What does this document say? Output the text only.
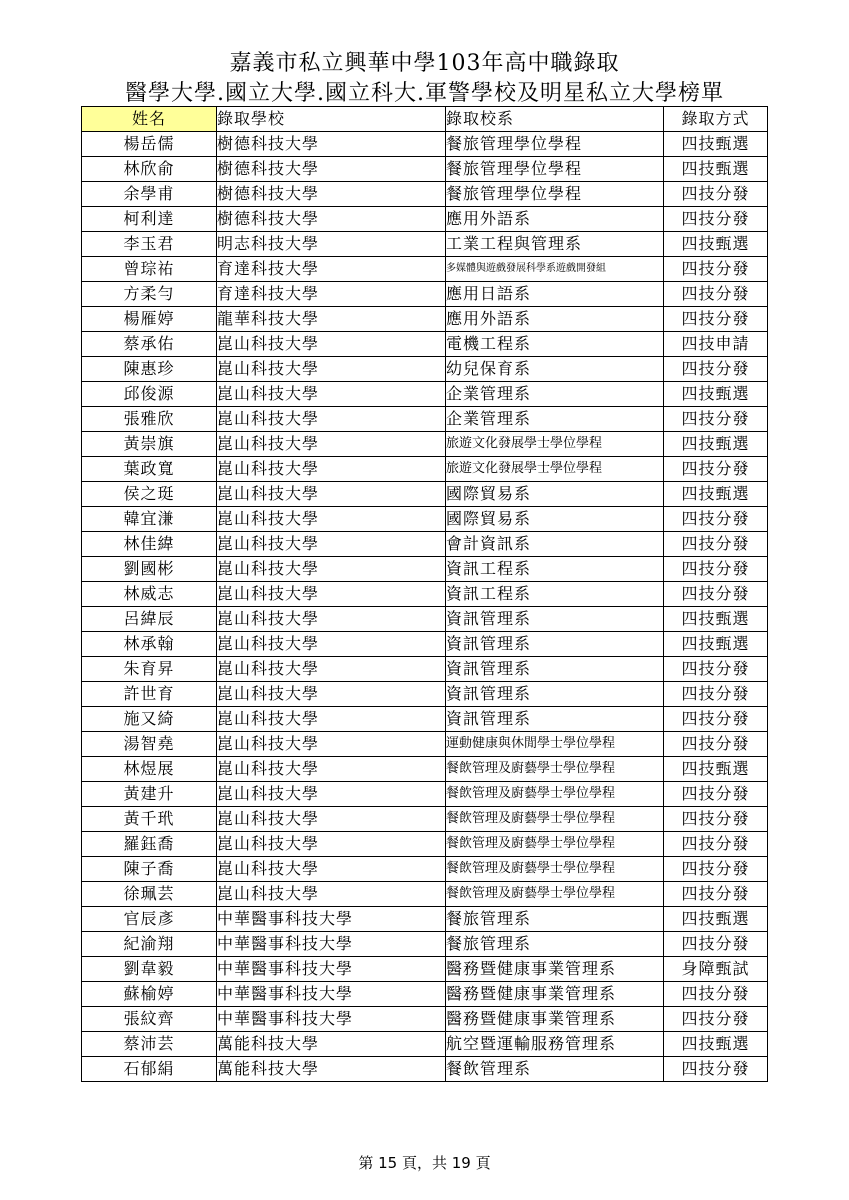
嘉義市私立興華中學103年高中職錄取
醫學大學.國立大學.國立科大.軍警學校及明星私立大學榜單
姓名	錄取學校	錄取校系	錄取方式
楊岳儒	樹德科技大學	餐旅管理學位學程	四技甄選
林欣俞	樹德科技大學	餐旅管理學位學程	四技甄選
余學甫	樹德科技大學	餐旅管理學位學程	四技分發
柯利達	樹德科技大學	應用外語系	四技分發
李玉君	明志科技大學	工業工程與管理系	四技甄選
曾琮祐	育達科技大學	多媒體與遊戲發展科學系遊戲開發組	四技分發
方柔勻	育達科技大學	應用日語系	四技分發
楊雁婷	龍華科技大學	應用外語系	四技分發
蔡承佑	崑山科技大學	電機工程系	四技申請
陳惠珍	崑山科技大學	幼兒保育系	四技分發
邱俊源	崑山科技大學	企業管理系	四技甄選
張雅欣	崑山科技大學	企業管理系	四技分發
黃崇旗	崑山科技大學	旅遊文化發展學士學位學程	四技甄選
葉政寬	崑山科技大學	旅遊文化發展學士學位學程	四技分發
侯之珽	崑山科技大學	國際貿易系	四技甄選
韓宜溓	崑山科技大學	國際貿易系	四技分發
林佳緯	崑山科技大學	會計資訊系	四技分發
劉國彬	崑山科技大學	資訊工程系	四技分發
林威志	崑山科技大學	資訊工程系	四技分發
呂緯辰	崑山科技大學	資訊管理系	四技甄選
林承翰	崑山科技大學	資訊管理系	四技甄選
朱育昇	崑山科技大學	資訊管理系	四技分發
許世育	崑山科技大學	資訊管理系	四技分發
施又綺	崑山科技大學	資訊管理系	四技分發
湯智堯	崑山科技大學	運動健康與休閒學士學位學程	四技分發
林煜展	崑山科技大學	餐飲管理及廚藝學士學位學程	四技甄選
黃建升	崑山科技大學	餐飲管理及廚藝學士學位學程	四技分發
黃千玳	崑山科技大學	餐飲管理及廚藝學士學位學程	四技分發
羅鈺喬	崑山科技大學	餐飲管理及廚藝學士學位學程	四技分發
陳子喬	崑山科技大學	餐飲管理及廚藝學士學位學程	四技分發
徐珮芸	崑山科技大學	餐飲管理及廚藝學士學位學程	四技分發
官辰彥	中華醫事科技大學	餐旅管理系	四技甄選
紀渝翔	中華醫事科技大學	餐旅管理系	四技分發
劉韋毅	中華醫事科技大學	醫務暨健康事業管理系	身障甄試
蘇榆婷	中華醫事科技大學	醫務暨健康事業管理系	四技分發
張紋齊	中華醫事科技大學	醫務暨健康事業管理系	四技分發
蔡沛芸	萬能科技大學	航空暨運輸服務管理系	四技甄選
石郁絹	萬能科技大學	餐飲管理系	四技分發
第 15 頁，共 19 頁
